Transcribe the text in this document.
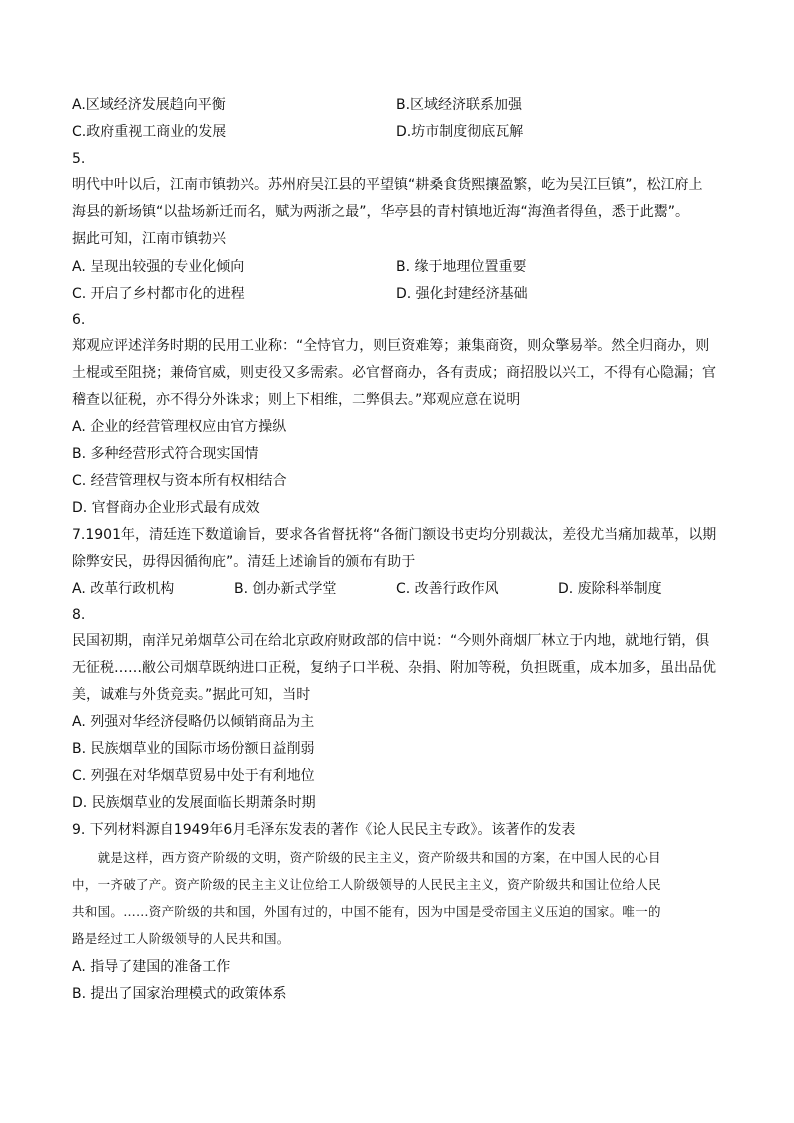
A.区域经济发展趋向平衡	B.区域经济联系加强
C.政府重视工商业的发展	D.坊市制度彻底瓦解
5.
明代中叶以后，江南市镇勃兴。苏州府吴江县的平望镇“耕桑食货熙攘盈繁，屹为吴江巨镇”，松江府上
海县的新场镇“以盐场新迁而名，赋为两浙之最”，华亭县的青村镇地近海“海渔者得鱼，悉于此鬻”。
据此可知，江南市镇勃兴
A. 呈现出较强的专业化倾向	B. 缘于地理位置重要
C. 开启了乡村都市化的进程	D. 强化封建经济基础
6.
郑观应评述洋务时期的民用工业称：“全恃官力，则巨资难筹；兼集商资，则众擎易举。然全归商办，则
土棍或至阻挠；兼倚官威，则吏役又多需索。必官督商办，各有责成；商招股以兴工，不得有心隐漏；官
稽查以征税，亦不得分外诛求；则上下相维，二弊俱去。”郑观应意在说明
A. 企业的经营管理权应由官方操纵
B. 多种经营形式符合现实国情
C. 经营管理权与资本所有权相结合
D. 官督商办企业形式最有成效
7.1901年，清廷连下数道谕旨，要求各省督抚将“各衙门额设书吏均分别裁汰，差役尤当痛加裁革，以期
除弊安民，毋得因循徇庇”。清廷上述谕旨的颁布有助于
A. 改革行政机构	B. 创办新式学堂	C. 改善行政作风	D. 废除科举制度
8.
民国初期，南洋兄弟烟草公司在给北京政府财政部的信中说：“今则外商烟厂林立于内地，就地行销，俱
无征税……敝公司烟草既纳进口正税，复纳子口半税、杂捐、附加等税，负担既重，成本加多，虽出品优
美，诚难与外货竞卖。”据此可知，当时
A. 列强对华经济侵略仍以倾销商品为主
B. 民族烟草业的国际市场份额日益削弱
C. 列强在对华烟草贸易中处于有利地位
D. 民族烟草业的发展面临长期萧条时期
9. 下列材料源自1949年6月毛泽东发表的著作《论人民民主专政》。该著作的发表
　　就是这样，西方资产阶级的文明，资产阶级的民主主义，资产阶级共和国的方案，在中国人民的心目
中，一齐破了产。资产阶级的民主主义让位给工人阶级领导的人民民主主义，资产阶级共和国让位给人民
共和国。……资产阶级的共和国，外国有过的，中国不能有，因为中国是受帝国主义压迫的国家。唯一的
路是经过工人阶级领导的人民共和国。
A. 指导了建国的准备工作
B. 提出了国家治理模式的政策体系
